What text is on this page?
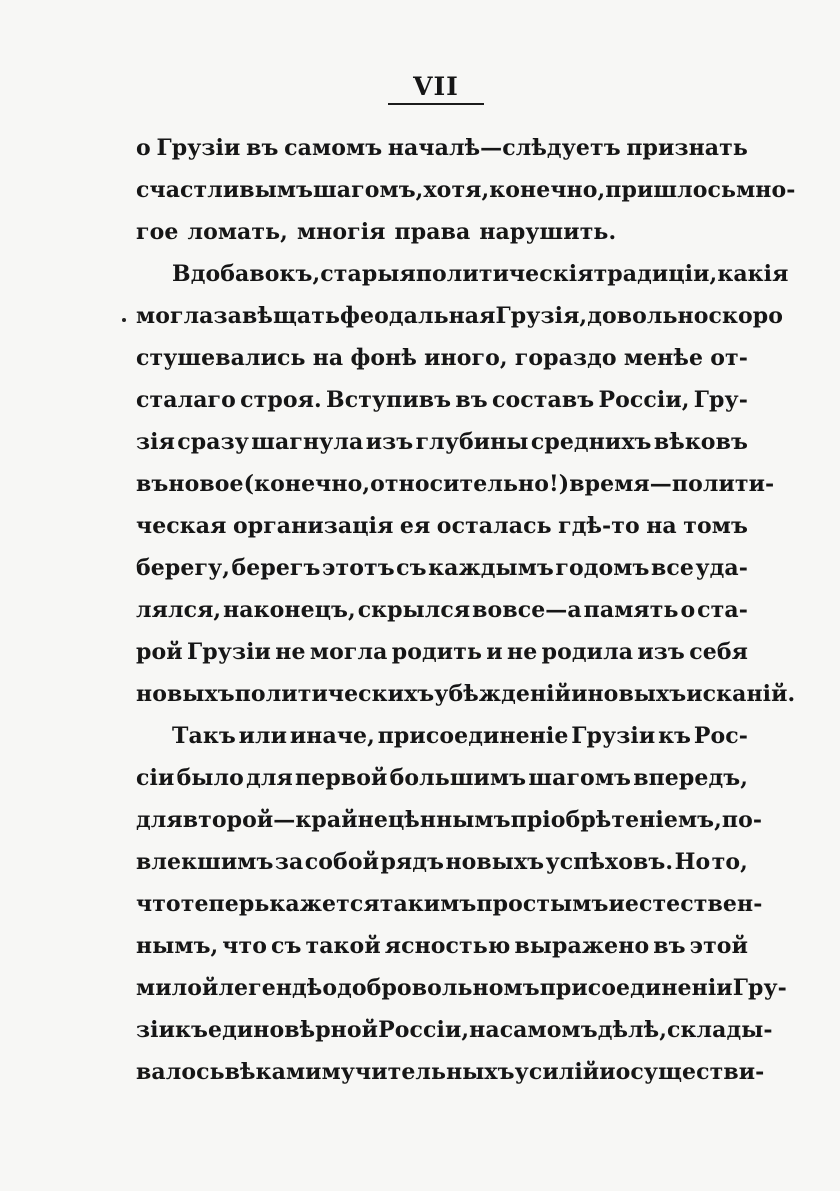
VII
о Грузіи въ самомъ началѣ—слѣдуетъ признать
счастливымъ шагомъ, хотя, конечно, пришлось мно-
гое ломать, многія права нарушить.
Вдобавокъ, старыя политическія традиціи, какія
могла завѣщать феодальная Грузія, довольно скоро
стушевались на фонѣ иного, гораздо менѣе от-
сталаго строя. Вступивъ въ составъ Россіи, Гру-
зія сразу шагнула изъ глубины среднихъ вѣковъ
въ новое (конечно, относительно!) время—полити-
ческая организація ея осталась гдѣ-то на томъ
берегу, берегъ этотъ съ каждымъ годомъ все уда-
лялся, наконецъ, скрылся вовсе—а память о ста-
рой Грузіи не могла родить и не родила изъ себя
новыхъ политическихъ убѣжденій и новыхъ исканій.
Такъ или иначе, присоединеніе Грузіи къ Рос-
сіи было для первой большимъ шагомъ впередъ,
для второй—крайне цѣннымъ пріобрѣтеніемъ, по-
влекшимъ за собой рядъ новыхъ успѣховъ. Но то,
что теперь кажется такимъ простымъ и естествен-
нымъ, что съ такой ясностью выражено въ этой
милой легендѣ о добровольномъ присоединеніи Гру-
зіи къ единовѣрной Россіи, на самомъ дѣлѣ, склады-
валось вѣками мучительныхъ усилій и осуществи-
